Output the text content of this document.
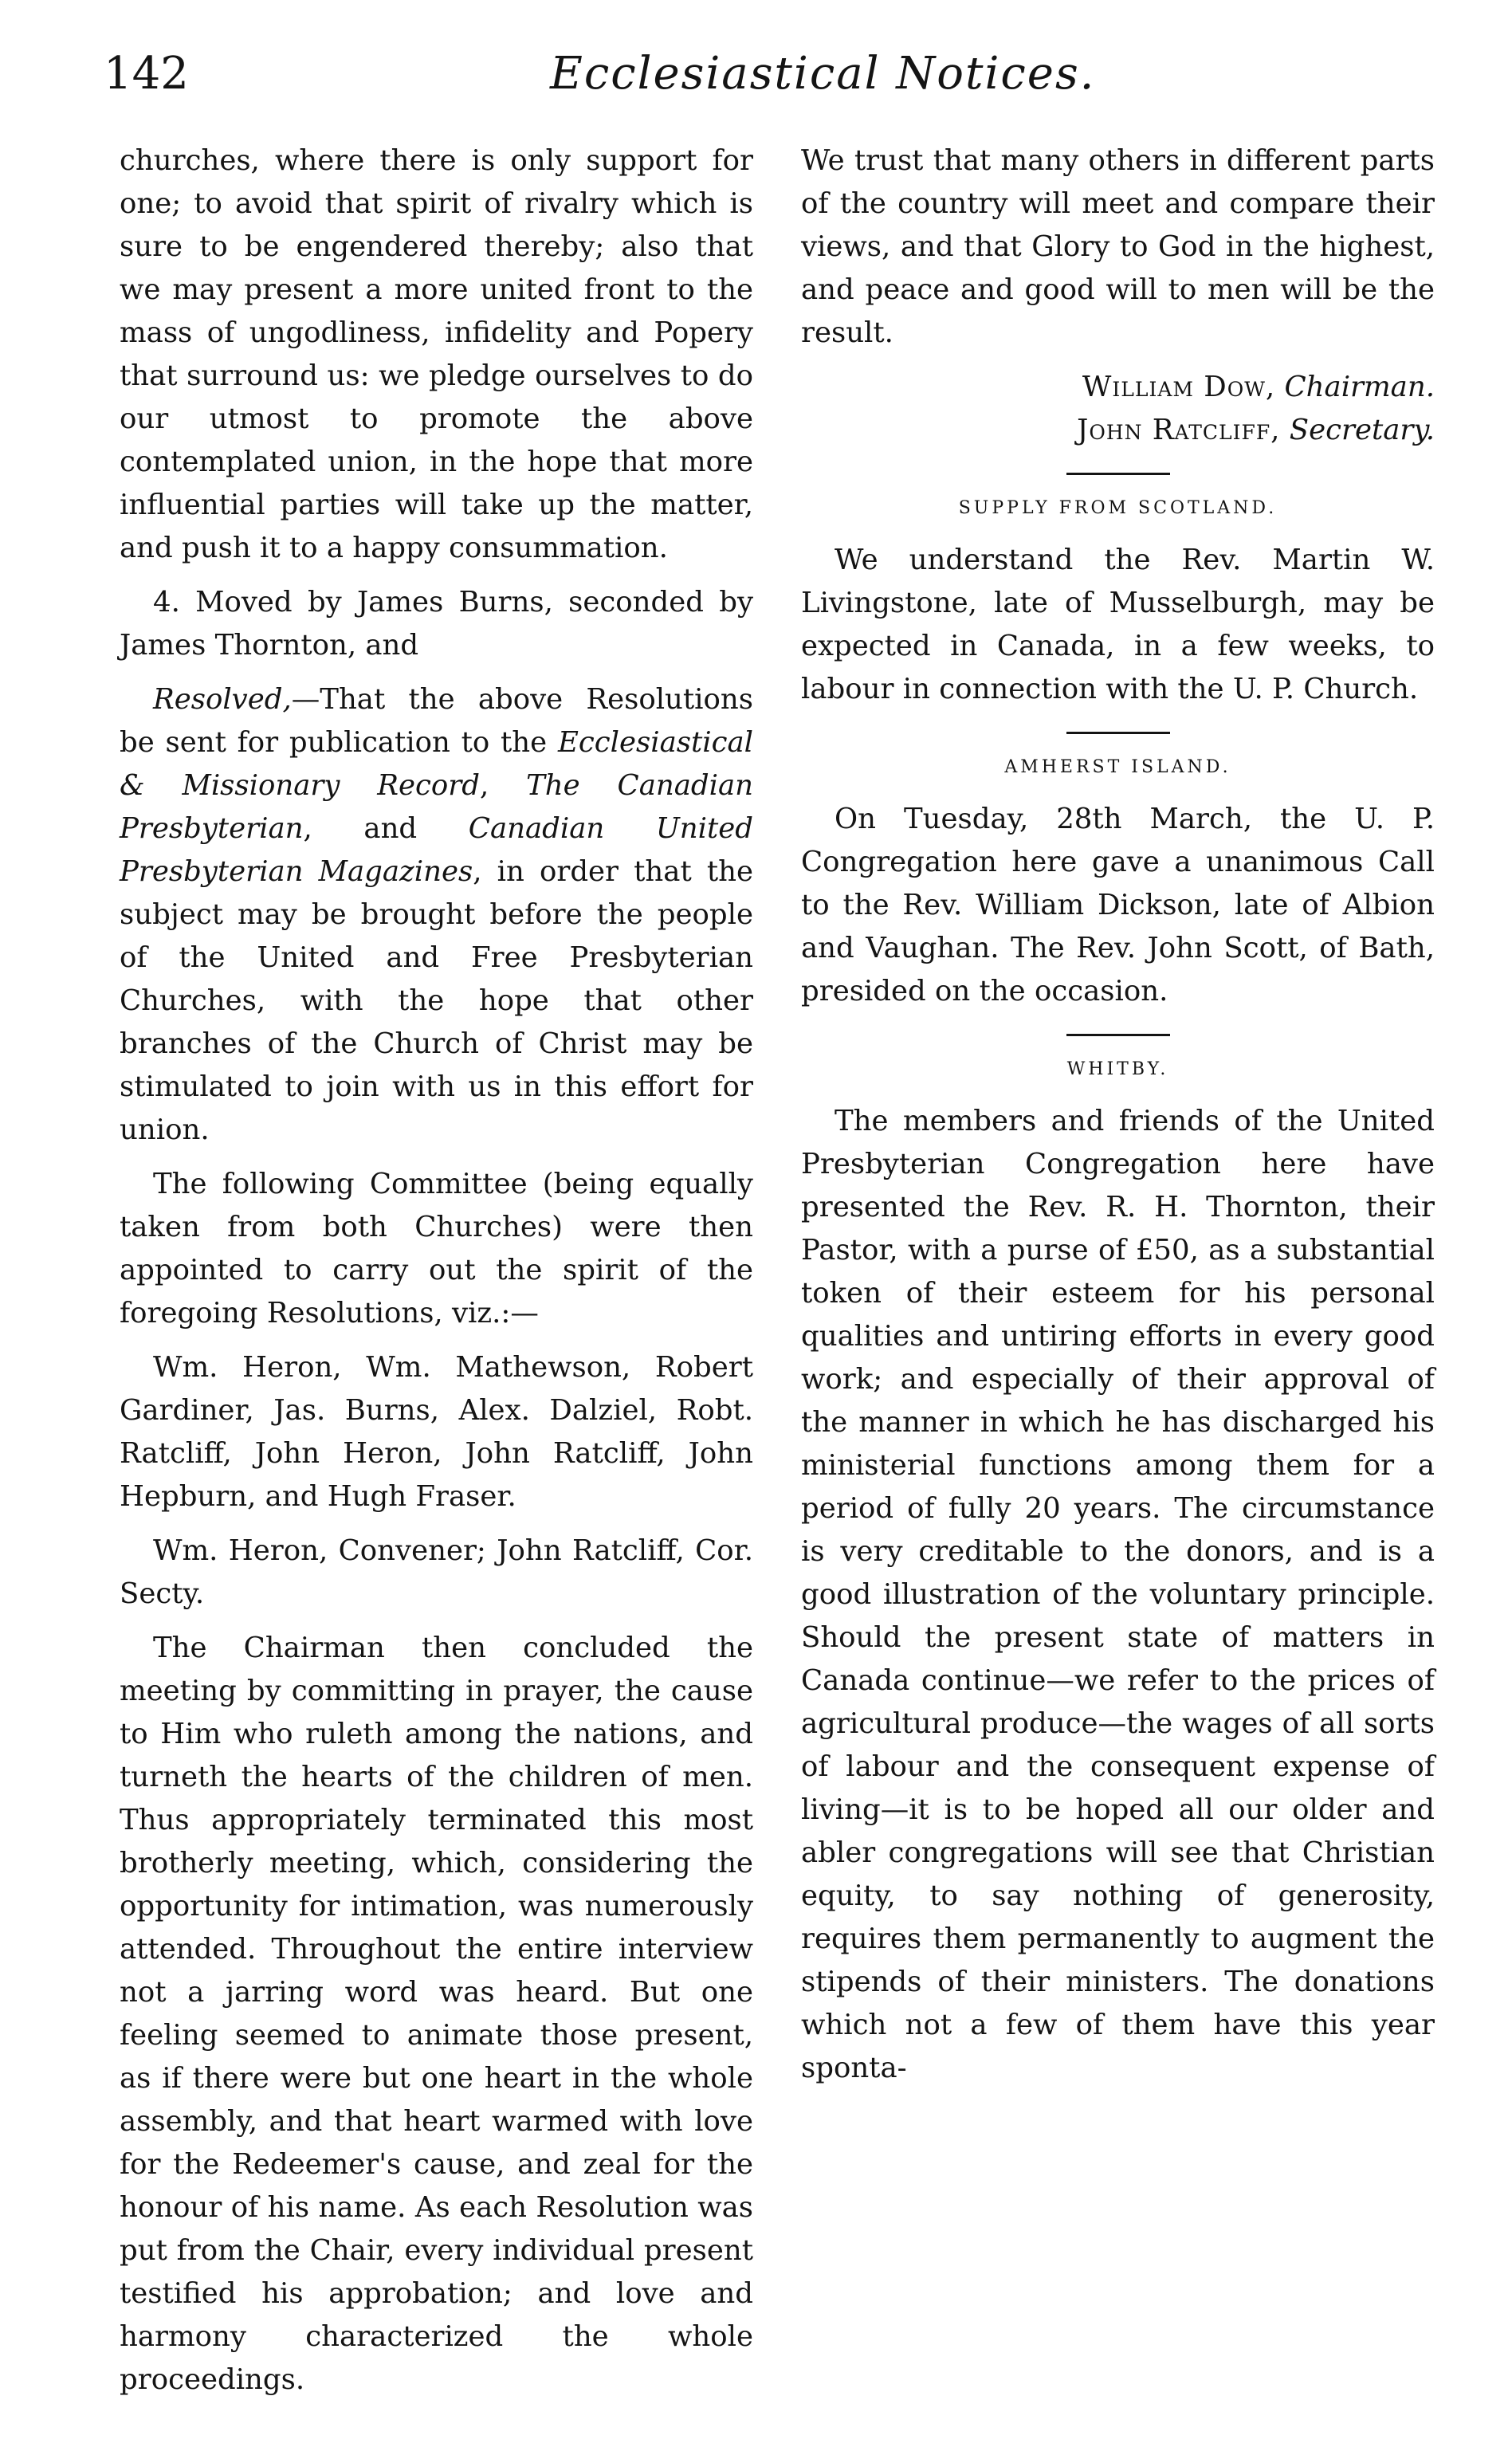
142	Ecclesiastical Notices.

churches, where there is only support for one; to avoid that spirit of rivalry which is sure to be engendered thereby; also that we may present a more united front to the mass of ungodliness, infidelity and Popery that surround us: we pledge ourselves to do our utmost to promote the above contemplated union, in the hope that more influential parties will take up the matter, and push it to a happy consummation.

4. Moved by James Burns, seconded by James Thornton, and

Resolved,—That the above Resolutions be sent for publication to the Ecclesiastical & Missionary Record, The Canadian Presbyterian, and Canadian United Presbyterian Magazines, in order that the subject may be brought before the people of the United and Free Presbyterian Churches, with the hope that other branches of the Church of Christ may be stimulated to join with us in this effort for union.

The following Committee (being equally taken from both Churches) were then appointed to carry out the spirit of the foregoing Resolutions, viz.:—

Wm. Heron, Wm. Mathewson, Robert Gardiner, Jas. Burns, Alex. Dalziel, Robt. Ratcliff, John Heron, John Ratcliff, John Hepburn, and Hugh Fraser.

Wm. Heron, Convener; John Ratcliff, Cor. Secty.

The Chairman then concluded the meeting by committing in prayer, the cause to Him who ruleth among the nations, and turneth the hearts of the children of men. Thus appropriately terminated this most brotherly meeting, which, considering the opportunity for intimation, was numerously attended. Throughout the entire interview not a jarring word was heard. But one feeling seemed to animate those present, as if there were but one heart in the whole assembly, and that heart warmed with love for the Redeemer's cause, and zeal for the honour of his name. As each Resolution was put from the Chair, every individual present testified his approbation; and love and harmony characterized the whole proceedings.

We trust that many others in different parts of the country will meet and compare their views, and that Glory to God in the highest, and peace and good will to men will be the result.

William Dow, Chairman.

John Ratcliff, Secretary.

SUPPLY FROM SCOTLAND.

We understand the Rev. Martin W. Livingstone, late of Musselburgh, may be expected in Canada, in a few weeks, to labour in connection with the U. P. Church.

AMHERST ISLAND.

On Tuesday, 28th March, the U. P. Congregation here gave a unanimous Call to the Rev. William Dickson, late of Albion and Vaughan. The Rev. John Scott, of Bath, presided on the occasion.

WHITBY.

The members and friends of the United Presbyterian Congregation here have presented the Rev. R. H. Thornton, their Pastor, with a purse of £50, as a substantial token of their esteem for his personal qualities and untiring efforts in every good work; and especially of their approval of the manner in which he has discharged his ministerial functions among them for a period of fully 20 years. The circumstance is very creditable to the donors, and is a good illustration of the voluntary principle. Should the present state of matters in Canada continue—we refer to the prices of agricultural produce—the wages of all sorts of labour and the consequent expense of living—it is to be hoped all our older and abler congregations will see that Christian equity, to say nothing of generosity, requires them permanently to augment the stipends of their ministers. The donations which not a few of them have this year sponta-
